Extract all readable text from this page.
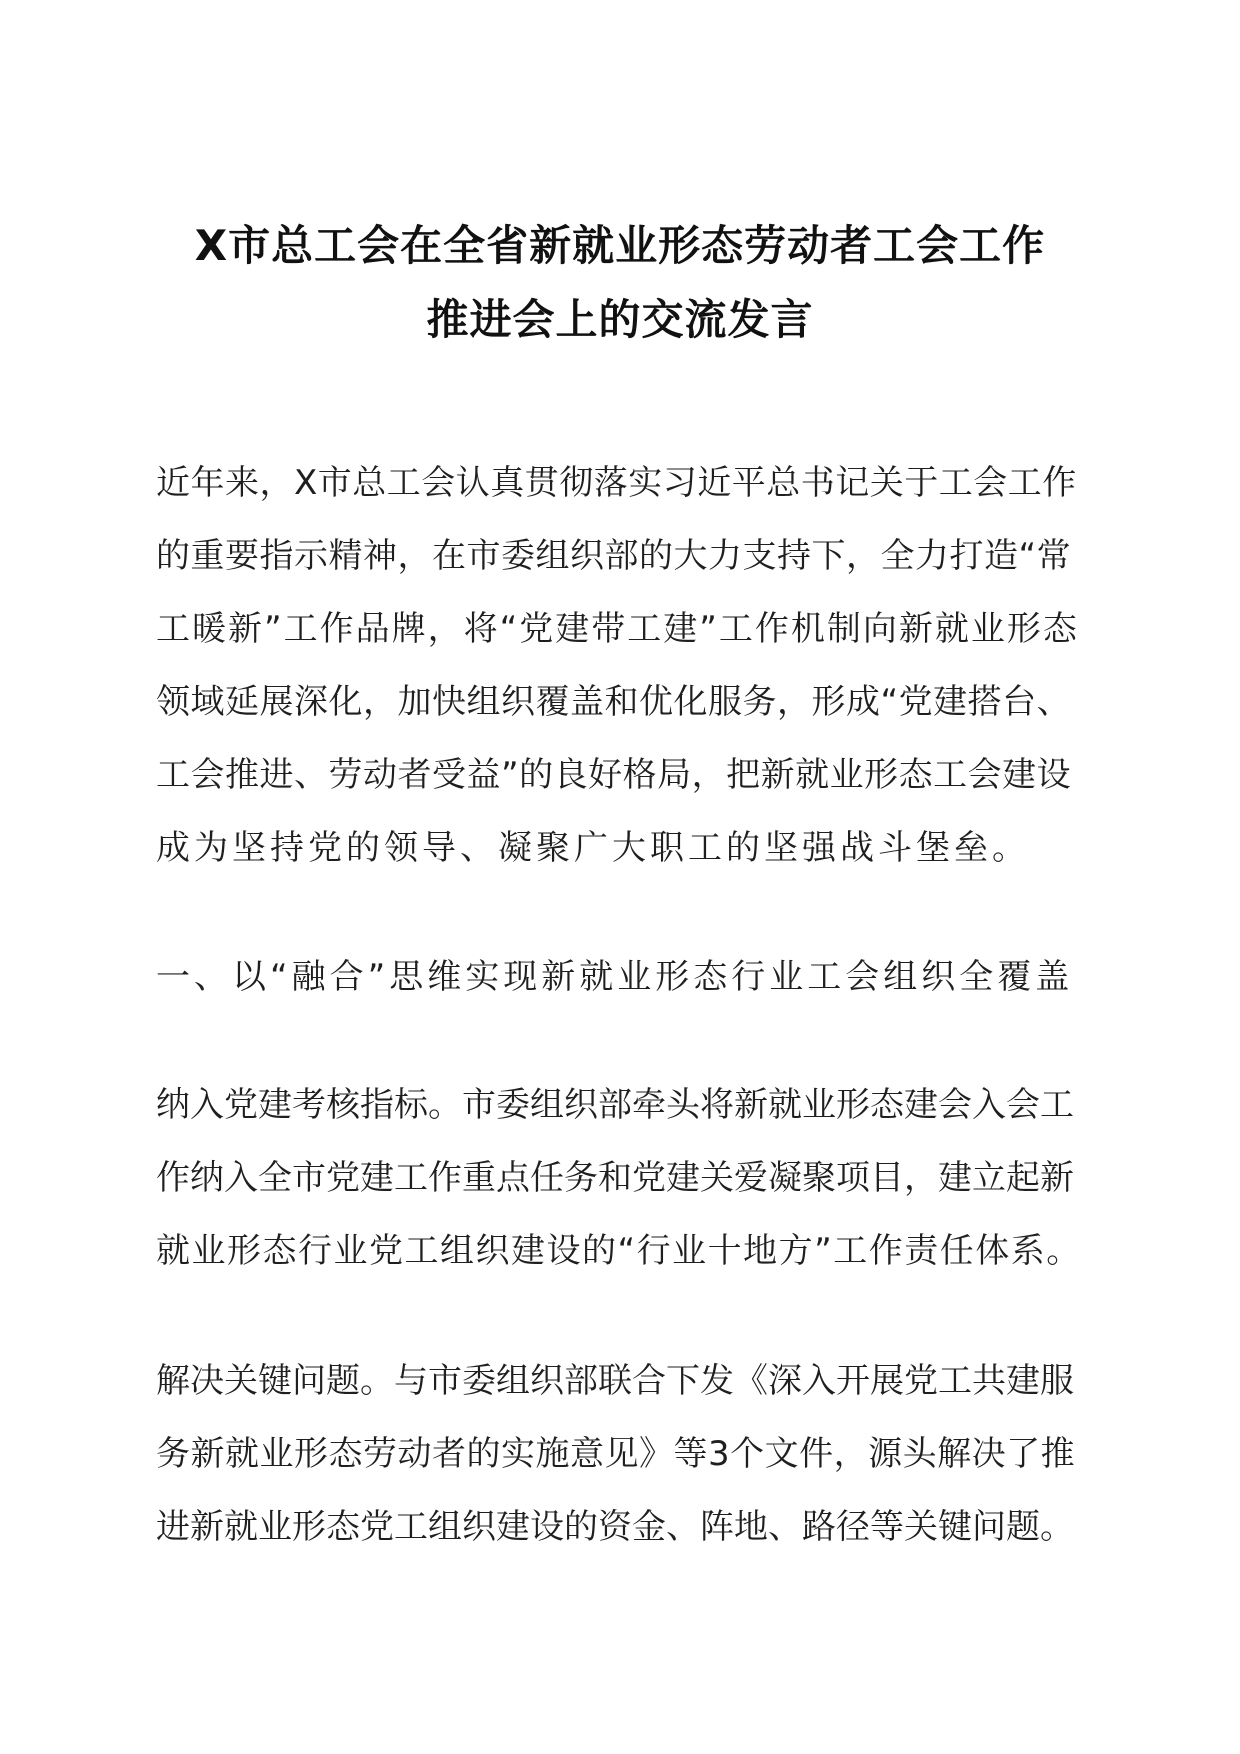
X市总工会在全省新就业形态劳动者工会工作
推进会上的交流发言
近年来，X市总工会认真贯彻落实习近平总书记关于工会工作
的重要指示精神，在市委组织部的大力支持下，全力打造“常
工暖新”工作品牌，将“党建带工建”工作机制向新就业形态
领域延展深化，加快组织覆盖和优化服务，形成“党建搭台、
工会推进、劳动者受益”的良好格局，把新就业形态工会建设
成为坚持党的领导、凝聚广大职工的坚强战斗堡垒。
一、以“融合”思维实现新就业形态行业工会组织全覆盖
纳入党建考核指标。市委组织部牵头将新就业形态建会入会工
作纳入全市党建工作重点任务和党建关爱凝聚项目，建立起新
就业形态行业党工组织建设的“行业十地方”工作责任体系。
解决关键问题。与市委组织部联合下发《深入开展党工共建服
务新就业形态劳动者的实施意见》等3个文件，源头解决了推
进新就业形态党工组织建设的资金、阵地、路径等关键问题。
